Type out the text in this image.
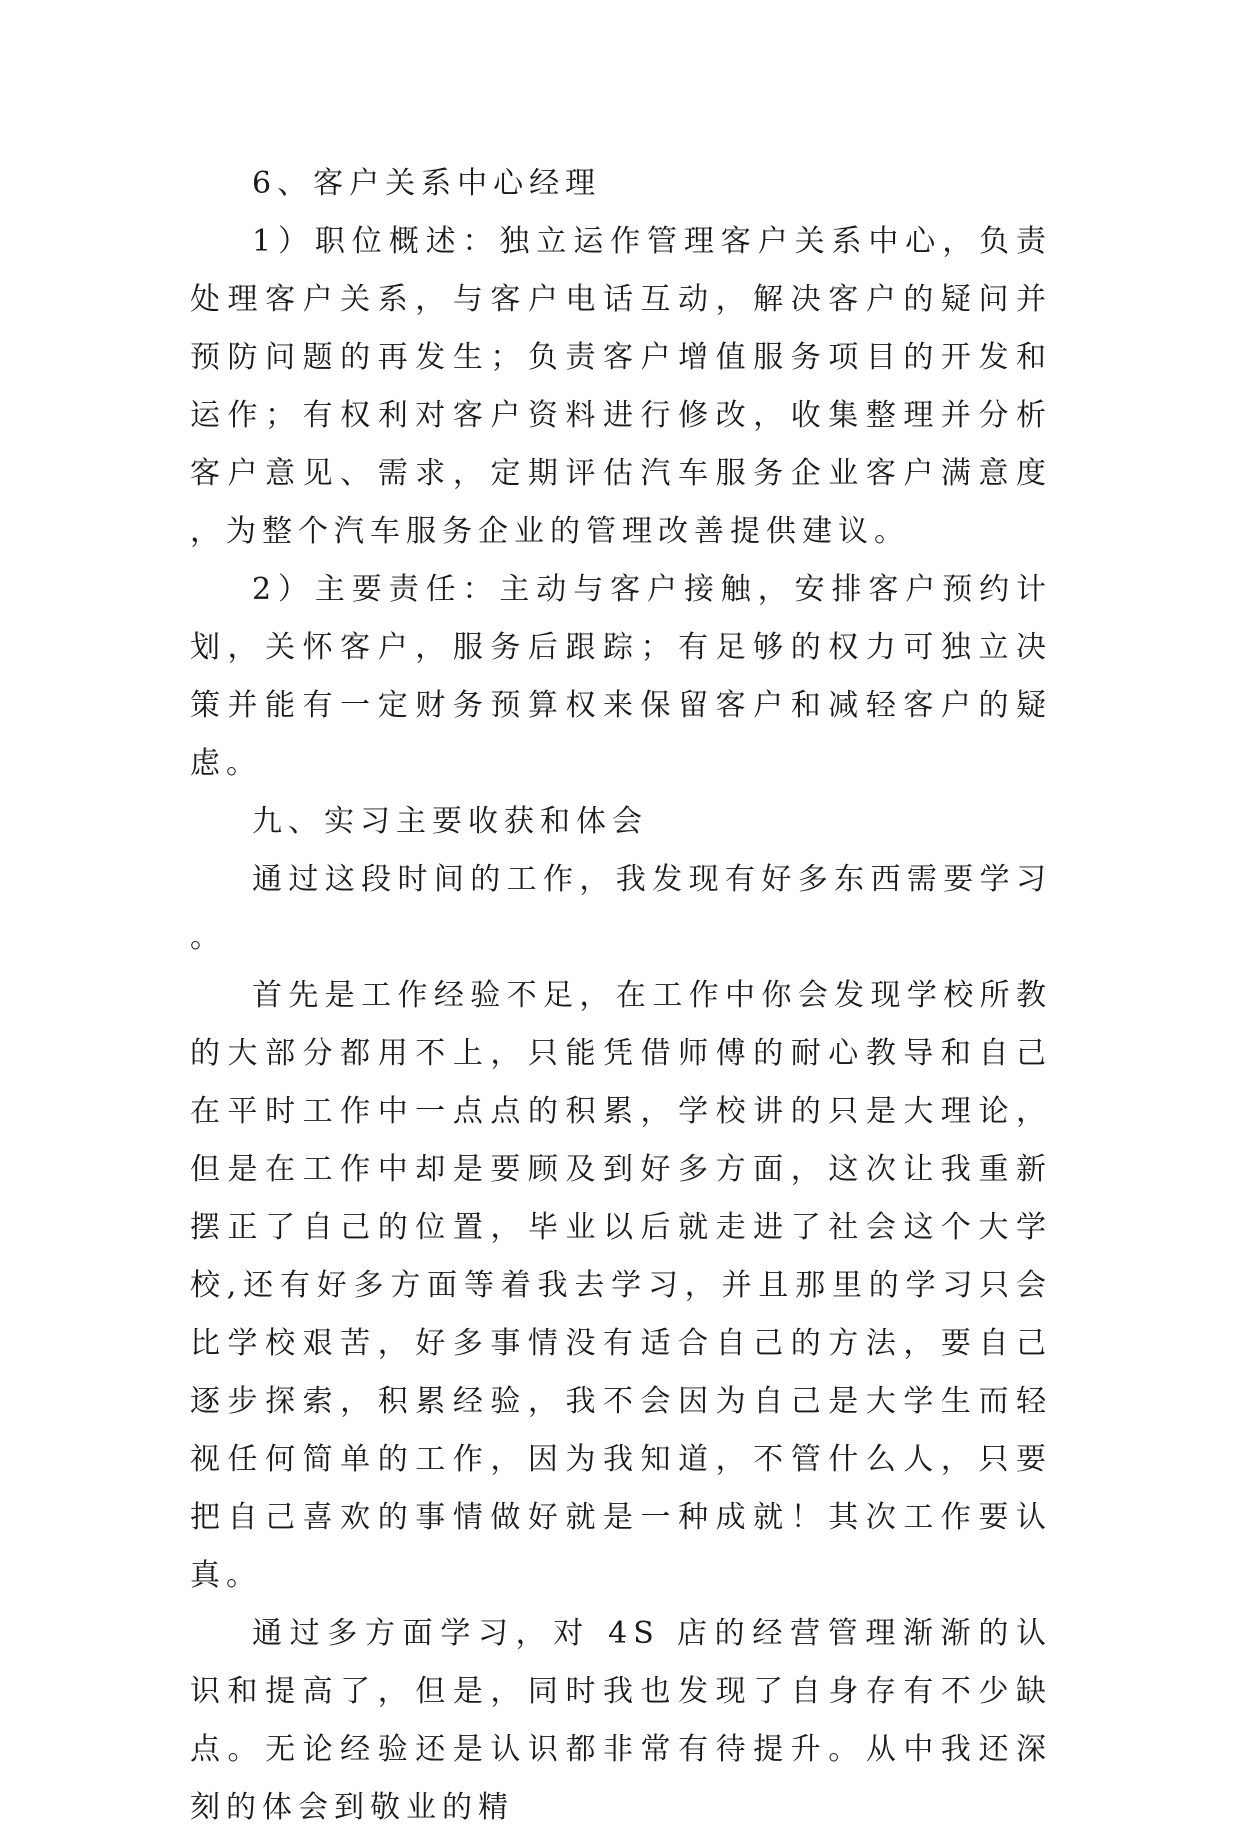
6、客户关系中心经理

1）职位概述：独立运作管理客户关系中心，负责处理客户关系，与客户电话互动，解决客户的疑问并预防问题的再发生；负责客户增值服务项目的开发和运作；有权利对客户资料进行修改，收集整理并分析客户意见、需求，定期评估汽车服务企业客户满意度，为整个汽车服务企业的管理改善提供建议。

2）主要责任：主动与客户接触，安排客户预约计划，关怀客户，服务后跟踪；有足够的权力可独立决策并能有一定财务预算权来保留客户和减轻客户的疑虑。

九、实习主要收获和体会

通过这段时间的工作，我发现有好多东西需要学习。

首先是工作经验不足，在工作中你会发现学校所教的大部分都用不上，只能凭借师傅的耐心教导和自己在平时工作中一点点的积累，学校讲的只是大理论，但是在工作中却是要顾及到好多方面，这次让我重新摆正了自己的位置，毕业以后就走进了社会这个大学校,还有好多方面等着我去学习，并且那里的学习只会比学校艰苦，好多事情没有适合自己的方法，要自己逐步探索，积累经验，我不会因为自己是大学生而轻视任何简单的工作，因为我知道，不管什么人，只要把自己喜欢的事情做好就是一种成就！其次工作要认真。

通过多方面学习，对 4S 店的经营管理渐渐的认识和提高了，但是，同时我也发现了自身存有不少缺点。无论经验还是认识都非常有待提升。从中我还深刻的体会到敬业的精
